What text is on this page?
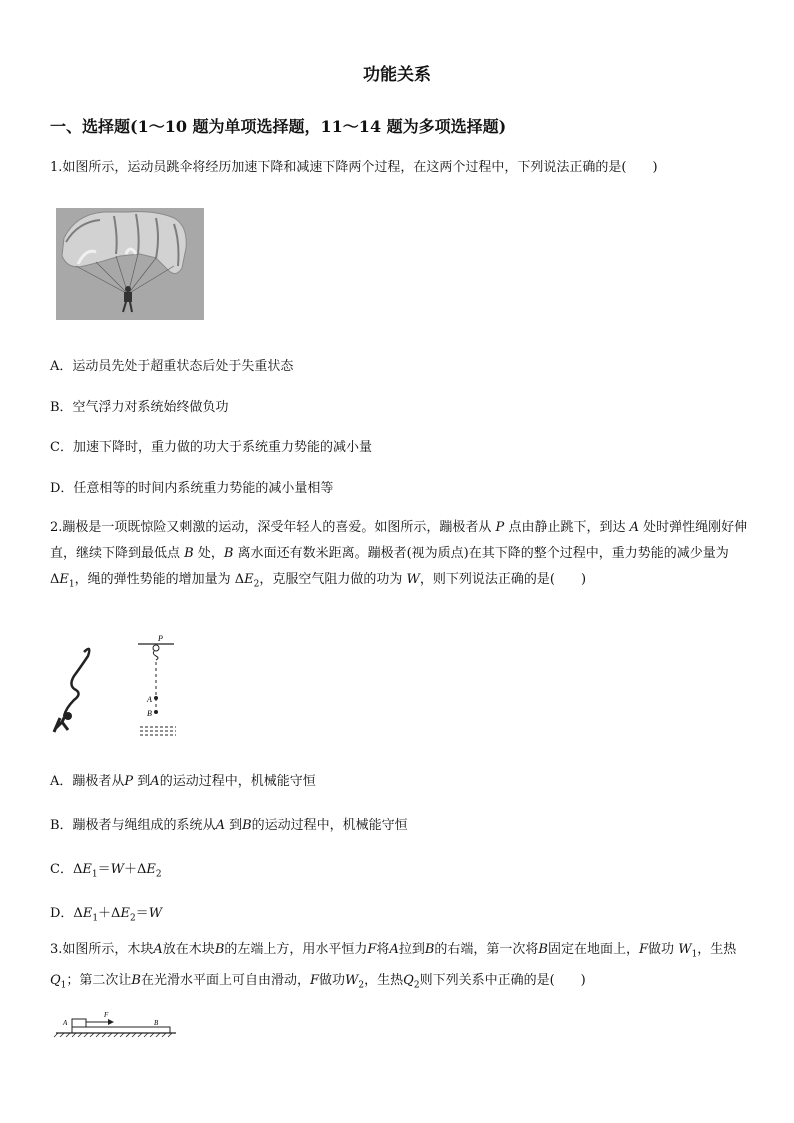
功能关系
一、选择题(1～10 题为单项选择题，11～14 题为多项选择题)
1.如图所示，运动员跳伞将经历加速下降和减速下降两个过程，在这两个过程中，下列说法正确的是(　　)
A．运动员先处于超重状态后处于失重状态
B．空气浮力对系统始终做负功
C．加速下降时，重力做的功大于系统重力势能的减小量
D．任意相等的时间内系统重力势能的减小量相等
2.蹦极是一项既惊险又刺激的运动，深受年轻人的喜爱。如图所示，蹦极者从 P 点由静止跳下，到达 A 处时弹性绳刚好伸直，继续下降到最低点 B 处，B 离水面还有数米距离。蹦极者(视为质点)在其下降的整个过程中，重力势能的减少量为 $\Delta E_1$，绳的弹性势能的增加量为 $\Delta E_2$，克服空气阻力做的功为 W，则下列说法正确的是(　　)
P
A
B
A．蹦极者从P 到A的运动过程中，机械能守恒
B．蹦极者与绳组成的系统从A 到B的运动过程中，机械能守恒
C．$\Delta E_1=W+\Delta E_2$
D．$\Delta E_1+\Delta E_2=W$
3.如图所示，木块A放在木块B的左端上方，用水平恒力F将A拉到B的右端，第一次将B固定在地面上，F做功 $W_1$，生热$Q_1$；第二次让B在光滑水平面上可自由滑动，F做功$W_2$，生热$Q_2$则下列关系中正确的是(　　)
A
F
B
